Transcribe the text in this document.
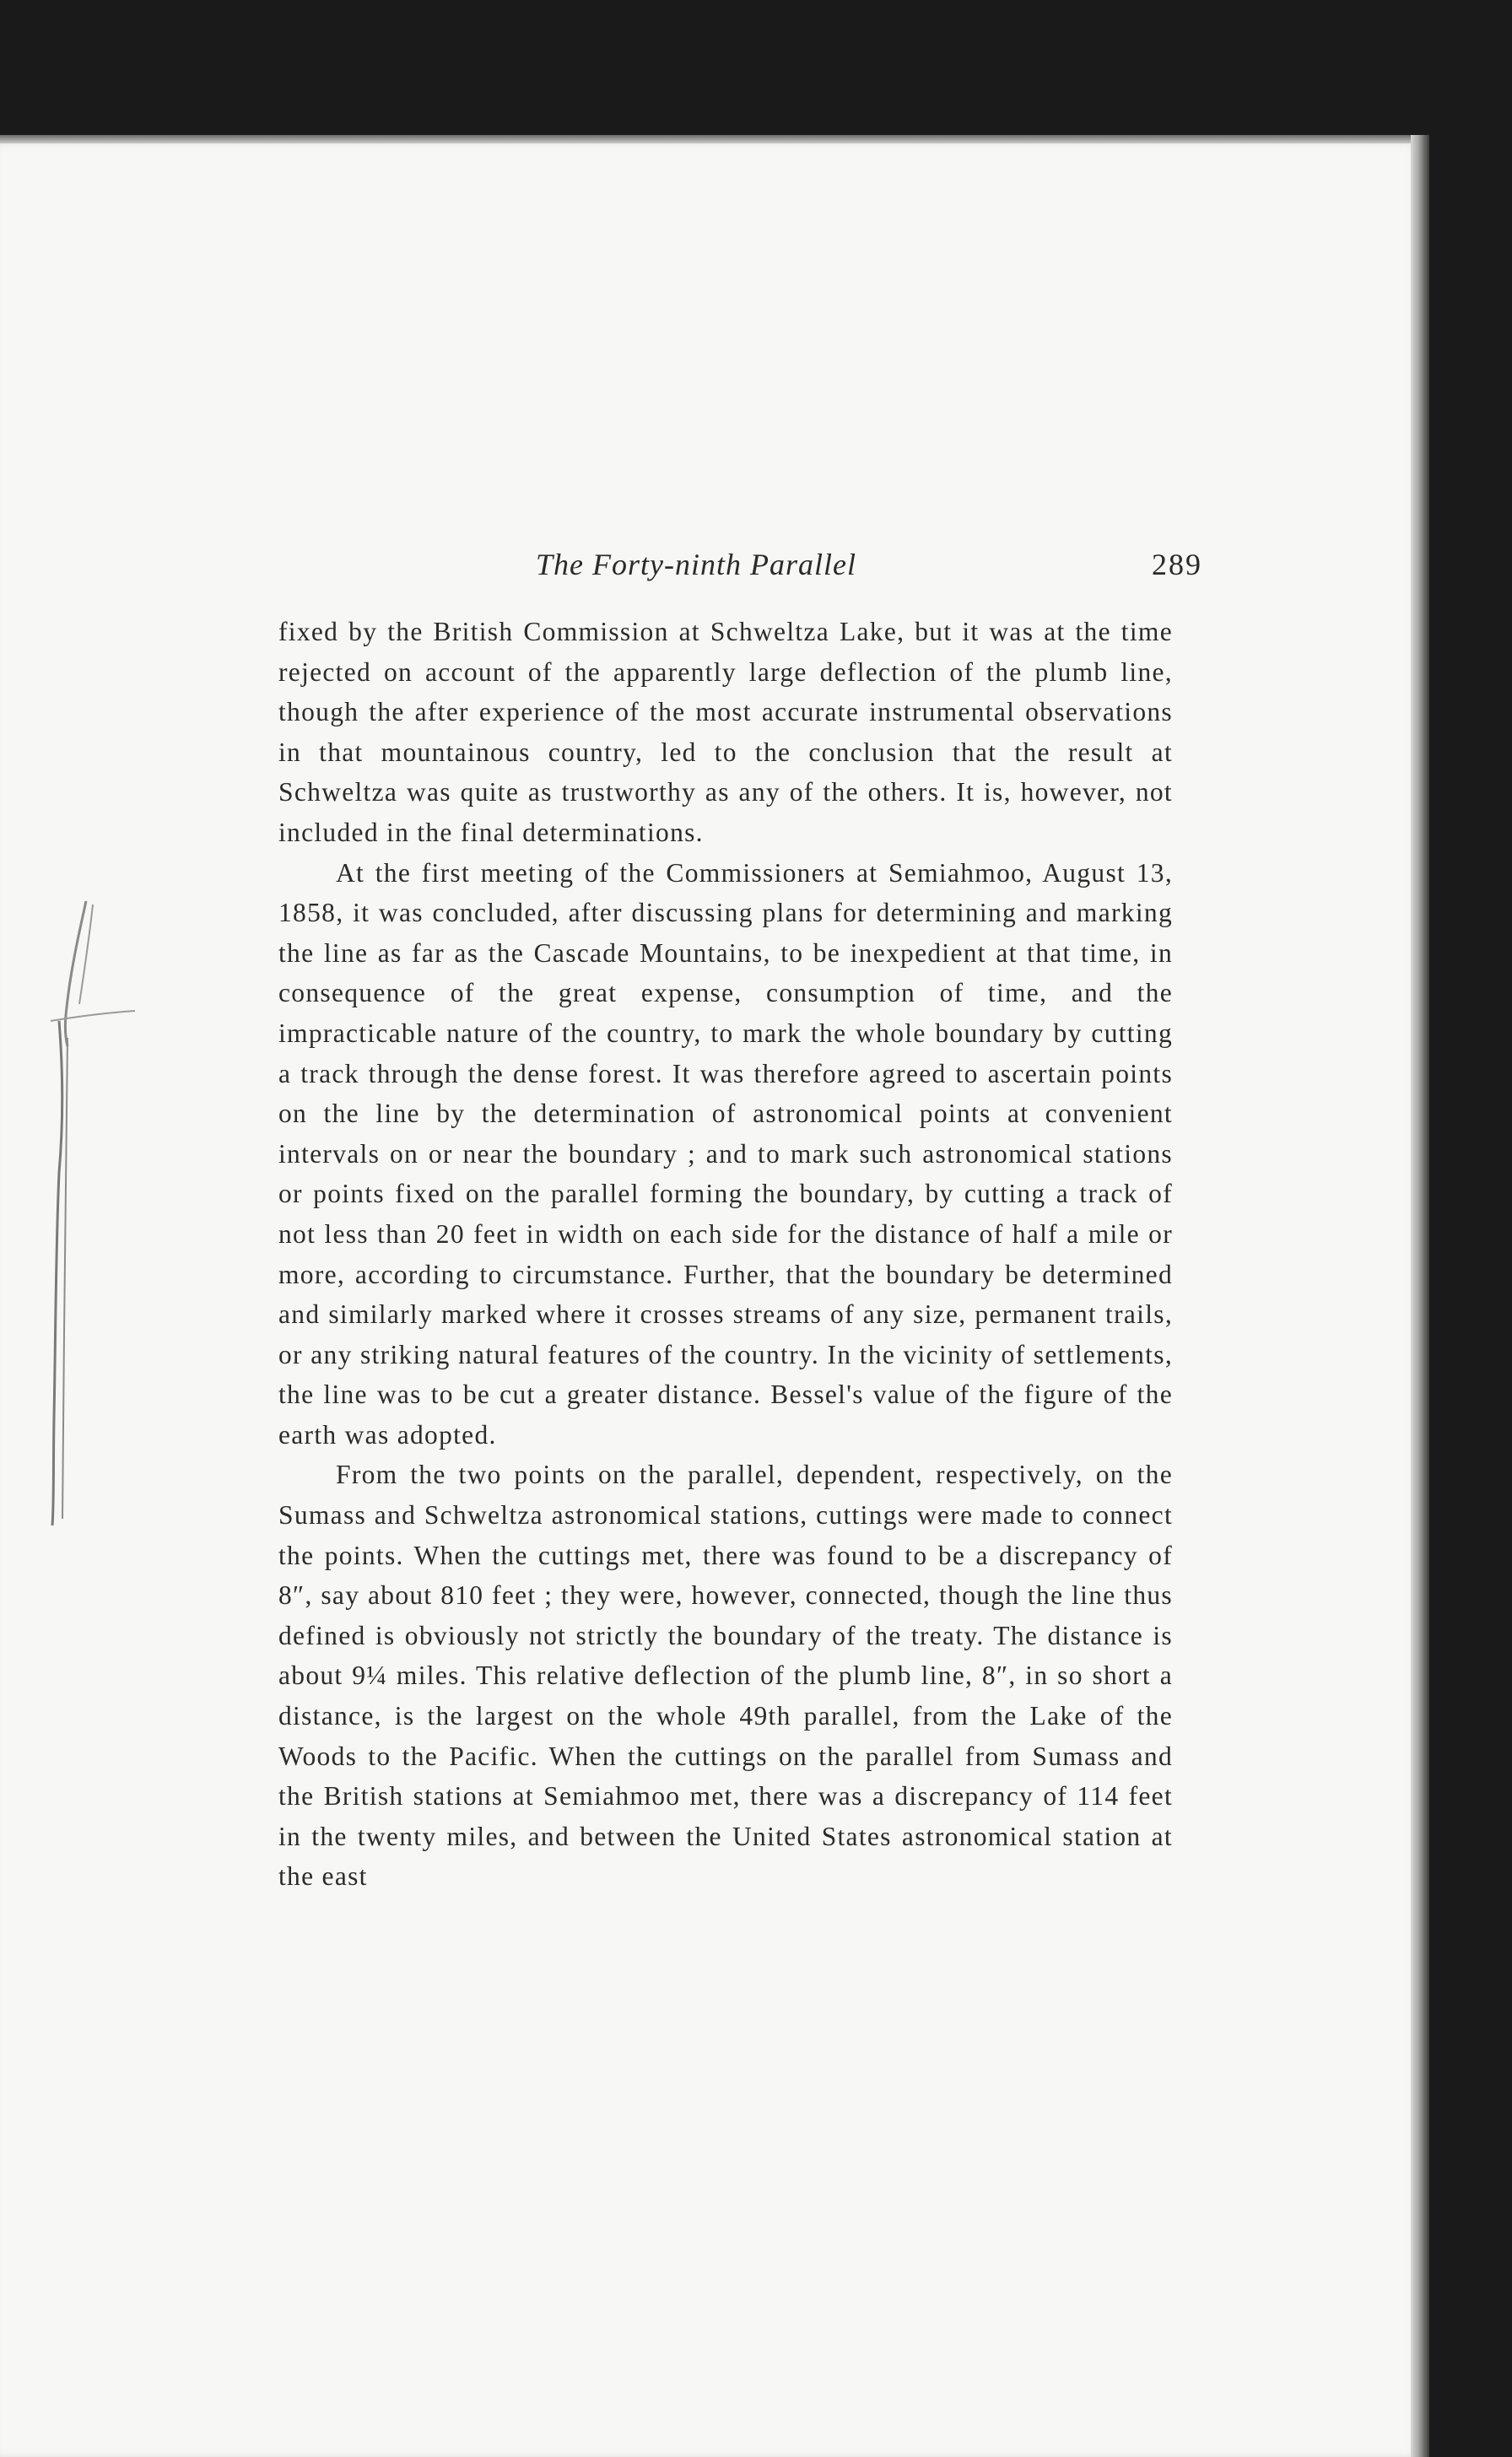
The Forty-ninth Parallel	289

fixed by the British Commission at Schweltza Lake, but it was at the time rejected on account of the apparently large deflection of the plumb line, though the after experience of the most accurate instrumental observations in that mountainous country, led to the conclusion that the result at Schweltza was quite as trustworthy as any of the others. It is, however, not included in the final determinations.

At the first meeting of the Commissioners at Semiahmoo, August 13, 1858, it was concluded, after discussing plans for determining and marking the line as far as the Cascade Mountains, to be inexpedient at that time, in consequence of the great expense, consumption of time, and the impracticable nature of the country, to mark the whole boundary by cutting a track through the dense forest. It was therefore agreed to ascertain points on the line by the determination of astronomical points at convenient intervals on or near the boundary ; and to mark such astronomical stations or points fixed on the parallel forming the boundary, by cutting a track of not less than 20 feet in width on each side for the distance of half a mile or more, according to circumstance. Further, that the boundary be determined and similarly marked where it crosses streams of any size, permanent trails, or any striking natural features of the country. In the vicinity of settlements, the line was to be cut a greater distance. Bessel's value of the figure of the earth was adopted.

From the two points on the parallel, dependent, respectively, on the Sumass and Schweltza astronomical stations, cuttings were made to connect the points. When the cuttings met, there was found to be a discrepancy of 8″, say about 810 feet ; they were, however, connected, though the line thus defined is obviously not strictly the boundary of the treaty. The distance is about 9¼ miles. This relative deflection of the plumb line, 8″, in so short a distance, is the largest on the whole 49th parallel, from the Lake of the Woods to the Pacific. When the cuttings on the parallel from Sumass and the British stations at Semiahmoo met, there was a discrepancy of 114 feet in the twenty miles, and between the United States astronomical station at the east
